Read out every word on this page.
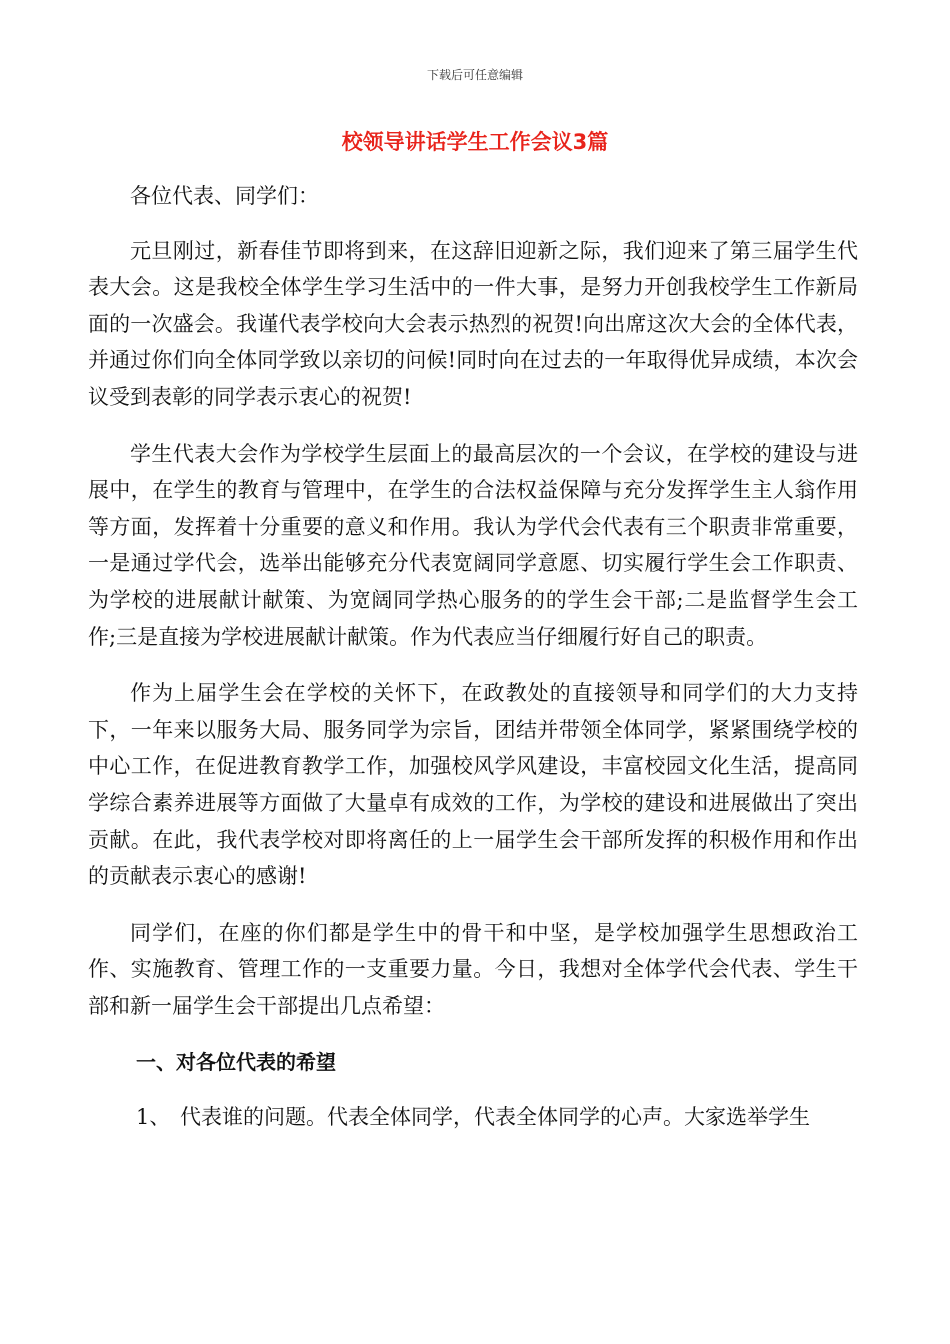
下载后可任意编辑
校领导讲话学生工作会议3篇

各位代表、同学们：

元旦刚过，新春佳节即将到来，在这辞旧迎新之际，我们迎来了第三届学生代表大会。这是我校全体学生学习生活中的一件大事，是努力开创我校学生工作新局面的一次盛会。我谨代表学校向大会表示热烈的祝贺!向出席这次大会的全体代表，并通过你们向全体同学致以亲切的问候!同时向在过去的一年取得优异成绩，本次会议受到表彰的同学表示衷心的祝贺!

学生代表大会作为学校学生层面上的最高层次的一个会议，在学校的建设与进展中，在学生的教育与管理中，在学生的合法权益保障与充分发挥学生主人翁作用等方面，发挥着十分重要的意义和作用。我认为学代会代表有三个职责非常重要，一是通过学代会，选举出能够充分代表宽阔同学意愿、切实履行学生会工作职责、为学校的进展献计献策、为宽阔同学热心服务的的学生会干部;二是监督学生会工作;三是直接为学校进展献计献策。作为代表应当仔细履行好自己的职责。

作为上届学生会在学校的关怀下，在政教处的直接领导和同学们的大力支持下，一年来以服务大局、服务同学为宗旨，团结并带领全体同学，紧紧围绕学校的中心工作，在促进教育教学工作，加强校风学风建设，丰富校园文化生活，提高同学综合素养进展等方面做了大量卓有成效的工作，为学校的建设和进展做出了突出贡献。在此，我代表学校对即将离任的上一届学生会干部所发挥的积极作用和作出的贡献表示衷心的感谢!

同学们，在座的你们都是学生中的骨干和中坚，是学校加强学生思想政治工作、实施教育、管理工作的一支重要力量。今日，我想对全体学代会代表、学生干部和新一届学生会干部提出几点希望：

一、对各位代表的希望
1、 代表谁的问题。代表全体同学，代表全体同学的心声。大家选举学生
